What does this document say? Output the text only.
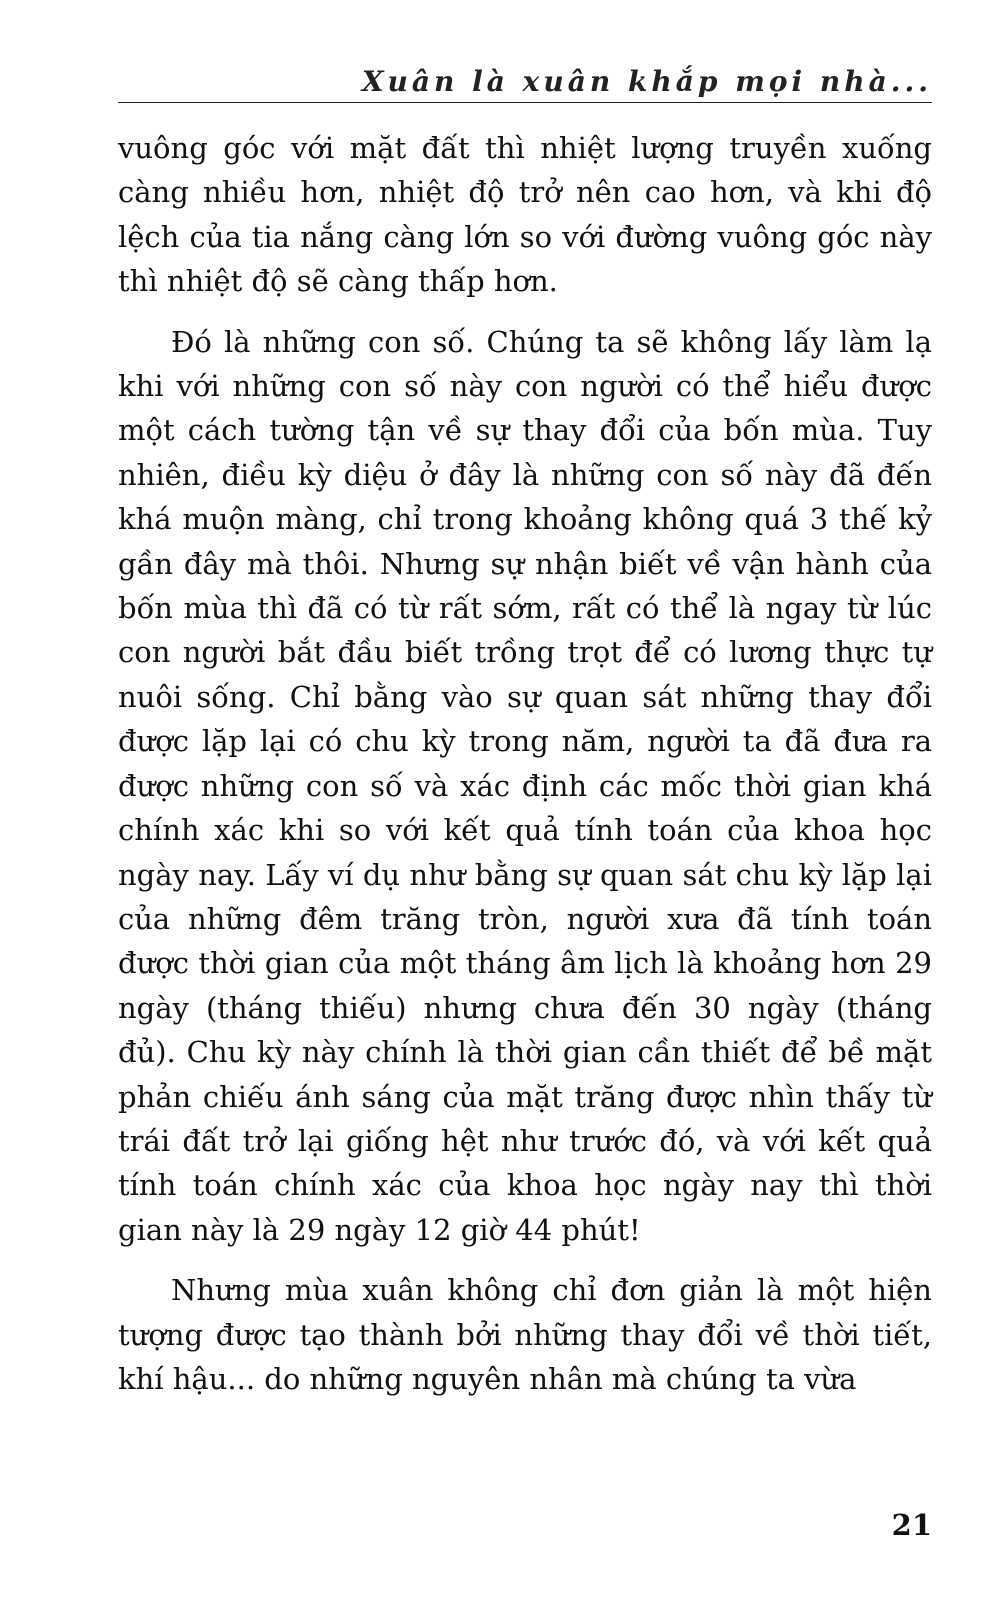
Xuân là xuân khắp mọi nhà...

vuông góc với mặt đất thì nhiệt lượng truyền xuống càng nhiều hơn, nhiệt độ trở nên cao hơn, và khi độ lệch của tia nắng càng lớn so với đường vuông góc này thì nhiệt độ sẽ càng thấp hơn.

Đó là những con số. Chúng ta sẽ không lấy làm lạ khi với những con số này con người có thể hiểu được một cách tường tận về sự thay đổi của bốn mùa. Tuy nhiên, điều kỳ diệu ở đây là những con số này đã đến khá muộn màng, chỉ trong khoảng không quá 3 thế kỷ gần đây mà thôi. Nhưng sự nhận biết về vận hành của bốn mùa thì đã có từ rất sớm, rất có thể là ngay từ lúc con người bắt đầu biết trồng trọt để có lương thực tự nuôi sống. Chỉ bằng vào sự quan sát những thay đổi được lặp lại có chu kỳ trong năm, người ta đã đưa ra được những con số và xác định các mốc thời gian khá chính xác khi so với kết quả tính toán của khoa học ngày nay. Lấy ví dụ như bằng sự quan sát chu kỳ lặp lại của những đêm trăng tròn, người xưa đã tính toán được thời gian của một tháng âm lịch là khoảng hơn 29 ngày (tháng thiếu) nhưng chưa đến 30 ngày (tháng đủ). Chu kỳ này chính là thời gian cần thiết để bề mặt phản chiếu ánh sáng của mặt trăng được nhìn thấy từ trái đất trở lại giống hệt như trước đó, và với kết quả tính toán chính xác của khoa học ngày nay thì thời gian này là 29 ngày 12 giờ 44 phút!

Nhưng mùa xuân không chỉ đơn giản là một hiện tượng được tạo thành bởi những thay đổi về thời tiết, khí hậu... do những nguyên nhân mà chúng ta vừa

21
